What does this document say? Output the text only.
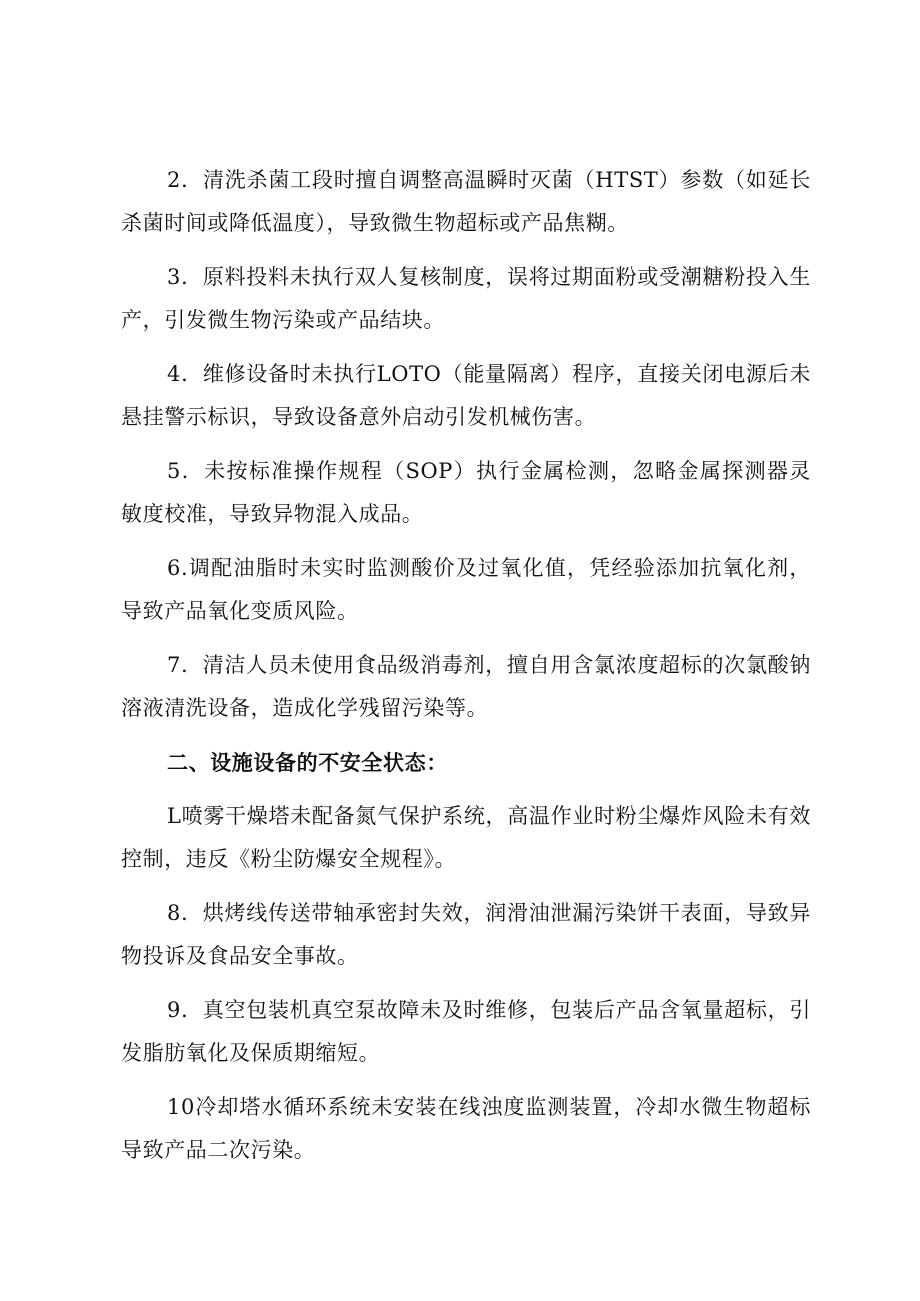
2．清洗杀菌工段时擅自调整高温瞬时灭菌（HTST）参数（如延长杀菌时间或降低温度），导致微生物超标或产品焦糊。

3．原料投料未执行双人复核制度，误将过期面粉或受潮糖粉投入生产，引发微生物污染或产品结块。

4．维修设备时未执行LOTO（能量隔离）程序，直接关闭电源后未悬挂警示标识，导致设备意外启动引发机械伤害。

5．未按标准操作规程（SOP）执行金属检测，忽略金属探测器灵敏度校准，导致异物混入成品。

6.调配油脂时未实时监测酸价及过氧化值，凭经验添加抗氧化剂，导致产品氧化变质风险。

7．清洁人员未使用食品级消毒剂，擅自用含氯浓度超标的次氯酸钠溶液清洗设备，造成化学残留污染等。

二、设施设备的不安全状态：

L喷雾干燥塔未配备氮气保护系统，高温作业时粉尘爆炸风险未有效控制，违反《粉尘防爆安全规程》。

8．烘烤线传送带轴承密封失效，润滑油泄漏污染饼干表面，导致异物投诉及食品安全事故。

9．真空包装机真空泵故障未及时维修，包装后产品含氧量超标，引发脂肪氧化及保质期缩短。

10冷却塔水循环系统未安装在线浊度监测装置，冷却水微生物超标导致产品二次污染。
